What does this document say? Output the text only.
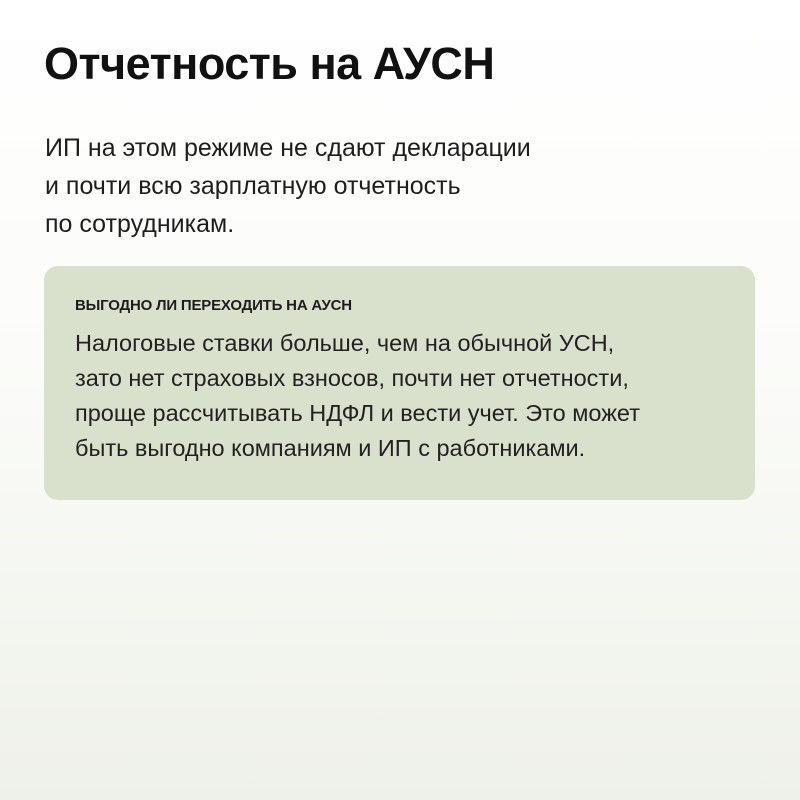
Отчетность на АУСН

ИП на этом режиме не сдают декларации
и почти всю зарплатную отчетность
по сотрудникам.

ВЫГОДНО ЛИ ПЕРЕХОДИТЬ НА АУСН

Налоговые ставки больше, чем на обычной УСН,
зато нет страховых взносов, почти нет отчетности,
проще рассчитывать НДФЛ и вести учет. Это может
быть выгодно компаниям и ИП с работниками.
